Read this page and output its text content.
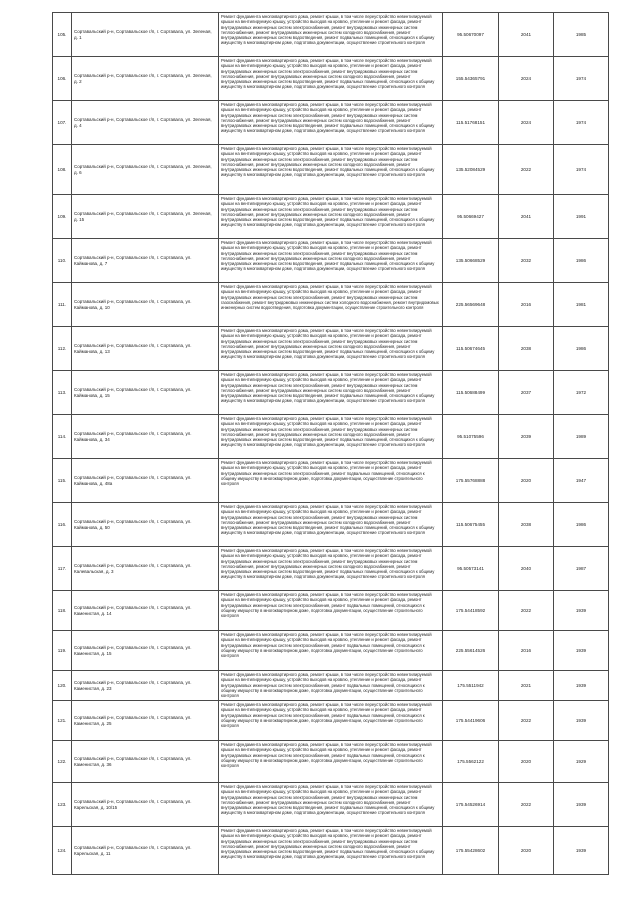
105.	Сортавальский р-н, Сортавальское г/п, г. Сортавала, ул. Зеленая, д. 1	Ремонт фундамента многоквартирного дома, ремонт крыши, в том числе переустройство невентилируемой крыши на вентилируемую крышу, устройство выходов на кровлю, утепление и ремонт фасада, ремонт внутридомовых инженерных систем электроснабжения, ремонт внутридомовых инженерных систем теплоснабжения, ремонт внутридомовых инженерных систем холодного водоснабжения, ремонт внутридомовых инженерных систем водоотведения, ремонт подвальных помещений, относящихся к общему имуществу в многоквартирном доме, подготовка документации, осуществление строительного контроля	95.50670097	2041	1985
106.	Сортавальский р-н, Сортавальское г/п, г. Сортавала, ул. Зеленая, д. 2	Ремонт фундамента многоквартирного дома, ремонт крыши, в том числе переустройство невентилируемой крыши на вентилируемую крышу, устройство выходов на кровлю, утепление и ремонт фасада, ремонт внутридомовых инженерных систем электроснабжения, ремонт внутридомовых инженерных систем теплоснабжения, ремонт внутридомовых инженерных систем холодного водоснабжения, ремонт внутридомовых инженерных систем водоотведения, ремонт подвальных помещений, относящихся к общему имуществу в многоквартирном доме, подготовка документации, осуществление строительного контроля	155.54365791	2024	1974
107.	Сортавальский р-н, Сортавальское г/п, г. Сортавала, ул. Зеленая, д. 4	Ремонт фундамента многоквартирного дома, ремонт крыши, в том числе переустройство невентилируемой крыши на вентилируемую крышу, устройство выходов на кровлю, утепление и ремонт фасада, ремонт внутридомовых инженерных систем электроснабжения, ремонт внутридомовых инженерных систем теплоснабжения, ремонт внутридомовых инженерных систем холодного водоснабжения, ремонт внутридомовых инженерных систем водоотведения, ремонт подвальных помещений, относящихся к общему имуществу в многоквартирном доме, подготовка документации, осуществление строительного контроля	115.51768151	2024	1974
108.	Сортавальский р-н, Сортавальское г/п, г. Сортавала, ул. Зеленая, д. 6	Ремонт фундамента многоквартирного дома, ремонт крыши, в том числе переустройство невентилируемой крыши на вентилируемую крышу, устройство выходов на кровлю, утепление и ремонт фасада, ремонт внутридомовых инженерных систем электроснабжения, ремонт внутридомовых инженерных систем теплоснабжения, ремонт внутридомовых инженерных систем холодного водоснабжения, ремонт внутридомовых инженерных систем водоотведения, ремонт подвальных помещений, относящихся к общему имуществу в многоквартирном доме, подготовка документации, осуществление строительного контроля	135.52084529	2022	1974
109.	Сортавальский р-н, Сортавальское г/п, г. Сортавала, ул. Зеленая, д. 15	Ремонт фундамента многоквартирного дома, ремонт крыши, в том числе переустройство невентилируемой крыши на вентилируемую крышу, устройство выходов на кровлю, утепление и ремонт фасада, ремонт внутридомовых инженерных систем электроснабжения, ремонт внутридомовых инженерных систем теплоснабжения, ремонт внутридомовых инженерных систем холодного водоснабжения, ремонт внутридомовых инженерных систем водоотведения, ремонт подвальных помещений, относящихся к общему имуществу в многоквартирном доме, подготовка документации, осуществление строительного контроля	95.50669427	2041	1991
110.	Сортавальский р-н, Сортавальское г/п, г. Сортавала, ул. Кайманова, д. 7	Ремонт фундамента многоквартирного дома, ремонт крыши, в том числе переустройство невентилируемой крыши на вентилируемую крышу, устройство выходов на кровлю, утепление и ремонт фасада, ремонт внутридомовых инженерных систем электроснабжения, ремонт внутридомовых инженерных систем теплоснабжения, ремонт внутридомовых инженерных систем холодного водоснабжения, ремонт внутридомовых инженерных систем водоотведения, ремонт подвальных помещений, относящихся к общему имуществу в многоквартирном доме, подготовка документации, осуществление строительного контроля	135.50668529	2032	1986
111.	Сортавальский р-н, Сортавальское г/п, г. Сортавала, ул. Кайманова, д. 10	Ремонт фундамента многоквартирного дома, ремонт крыши, в том числе переустройство невентилируемой крыши на вентилируемую крышу, устройство выходов на кровлю, утепление и ремонт фасада, ремонт внутридомовых инженерных систем электроснабжения, ремонт внутридомовых инженерных систем газоснабжения, ремонт внутридомовых инженерных систем холодного водоснабжения, ремонт внутридомовых инженерных систем водоотведения, подготовка документации, осуществление строительного контроля	225.56569648	2016	1981
112.	Сортавальский р-н, Сортавальское г/п, г. Сортавала, ул. Кайманова, д. 13	Ремонт фундамента многоквартирного дома, ремонт крыши, в том числе переустройство невентилируемой крыши на вентилируемую крышу, устройство выходов на кровлю, утепление и ремонт фасада, ремонт внутридомовых инженерных систем электроснабжения, ремонт внутридомовых инженерных систем теплоснабжения, ремонт внутридомовых инженерных систем холодного водоснабжения, ремонт внутридомовых инженерных систем водоотведения, ремонт подвальных помещений, относящихся к общему имуществу в многоквартирном доме, подготовка документации, осуществление строительного контроля	115.50674645	2038	1986
113.	Сортавальский р-н, Сортавальское г/п, г. Сортавала, ул. Кайманова, д. 15	Ремонт фундамента многоквартирного дома, ремонт крыши, в том числе переустройство невентилируемой крыши на вентилируемую крышу, устройство выходов на кровлю, утепление и ремонт фасада, ремонт внутридомовых инженерных систем электроснабжения, ремонт внутридомовых инженерных систем теплоснабжения, ремонт внутридомовых инженерных систем холодного водоснабжения, ремонт внутридомовых инженерных систем водоотведения, ремонт подвальных помещений, относящихся к общему имуществу в многоквартирном доме, подготовка документации, осуществление строительного контроля	115.50688499	2037	1972
114.	Сортавальский р-н, Сортавальское г/п, г. Сортавала, ул. Кайманова, д. 34	Ремонт фундамента многоквартирного дома, ремонт крыши, в том числе переустройство невентилируемой крыши на вентилируемую крышу, устройство выходов на кровлю, утепление и ремонт фасада, ремонт внутридомовых инженерных систем электроснабжения, ремонт внутридомовых инженерных систем теплоснабжения, ремонт внутридомовых инженерных систем холодного водоснабжения, ремонт внутридомовых инженерных систем водоотведения, ремонт подвальных помещений, относящихся к общему имуществу в многоквартирном доме, подготовка документации, осуществление строительного контроля	95.51075596	2039	1989
115.	Сортавальский р-н, Сортавальское г/п, г. Сортавала, ул. Кайманова, д. 48а	Ремонт фундамента многоквартирного дома, ремонт крыши, в том числе переустройство невентилируемой крыши на вентилируемую крышу, устройство выходов на кровлю, утепление и ремонт фасада, ремонт внутридомовых инженерных систем электроснабжения, ремонт подвальных помещений, относящихся к общему имуществу в многоквартирном доме, подготовка документации, осуществление строительного контроля	175.55768888	2020	1947
116.	Сортавальский р-н, Сортавальское г/п, г. Сортавала, ул. Кайманова, д. 50	Ремонт фундамента многоквартирного дома, ремонт крыши, в том числе переустройство невентилируемой крыши на вентилируемую крышу, устройство выходов на кровлю, утепление и ремонт фасада, ремонт внутридомовых инженерных систем электроснабжения, ремонт внутридомовых инженерных систем теплоснабжения, ремонт внутридомовых инженерных систем холодного водоснабжения, ремонт внутридомовых инженерных систем водоотведения, ремонт подвальных помещений, относящихся к общему имуществу в многоквартирном доме, подготовка документации, осуществление строительного контроля	115.50675455	2038	1986
117.	Сортавальский р-н, Сортавальское г/п, г. Сортавала, ул. Калевальская, д. 3	Ремонт фундамента многоквартирного дома, ремонт крыши, в том числе переустройство невентилируемой крыши на вентилируемую крышу, устройство выходов на кровлю, утепление и ремонт фасада, ремонт внутридомовых инженерных систем электроснабжения, ремонт внутридомовых инженерных систем теплоснабжения, ремонт внутридомовых инженерных систем холодного водоснабжения, ремонт внутридомовых инженерных систем водоотведения, ремонт подвальных помещений, относящихся к общему имуществу в многоквартирном доме, подготовка документации, осуществление строительного контроля	95.50573141	2040	1987
118.	Сортавальский р-н, Сортавальское г/п, г. Сортавала, ул. Каменистая, д. 14	Ремонт фундамента многоквартирного дома, ремонт крыши, в том числе переустройство невентилируемой крыши на вентилируемую крышу, устройство выходов на кровлю, утепление и ремонт фасада, ремонт внутридомовых инженерных систем электроснабжения, ремонт подвальных помещений, относящихся к общему имуществу в многоквартирном доме, подготовка документации, осуществление строительного контроля	175.54418592	2022	1939
119.	Сортавальский р-н, Сортавальское г/п, г. Сортавала, ул. Каменистая, д. 15	Ремонт фундамента многоквартирного дома, ремонт крыши, в том числе переустройство невентилируемой крыши на вентилируемую крышу, устройство выходов на кровлю, утепление и ремонт фасада, ремонт внутридомовых инженерных систем электроснабжения, ремонт подвальных помещений, относящихся к общему имуществу в многоквартирном доме, подготовка документации, осуществление строительного контроля	225.55614526	2016	1939
120.	Сортавальский р-н, Сортавальское г/п, г. Сортавала, ул. Каменистая, д. 23	Ремонт фундамента многоквартирного дома, ремонт крыши, в том числе переустройство невентилируемой крыши на вентилируемую крышу, устройство выходов на кровлю, утепление и ремонт фасада, ремонт внутридомовых инженерных систем электроснабжения, ремонт подвальных помещений, относящихся к общему имуществу в многоквартирном доме, подготовка документации, осуществление строительного контроля	175.5511942	2021	1939
121.	Сортавальский р-н, Сортавальское г/п, г. Сортавала, ул. Каменистая, д. 25	Ремонт фундамента многоквартирного дома, ремонт крыши, в том числе переустройство невентилируемой крыши на вентилируемую крышу, устройство выходов на кровлю, утепление и ремонт фасада, ремонт внутридомовых инженерных систем электроснабжения, ремонт подвальных помещений, относящихся к общему имуществу в многоквартирном доме, подготовка документации, осуществление строительного контроля	175.54419606	2022	1939
122.	Сортавальский р-н, Сортавальское г/п, г. Сортавала, ул. Каменистая, д. 36	Ремонт фундамента многоквартирного дома, ремонт крыши, в том числе переустройство невентилируемой крыши на вентилируемую крышу, устройство выходов на кровлю, утепление и ремонт фасада, ремонт внутридомовых инженерных систем электроснабжения, ремонт подвальных помещений, относящихся к общему имуществу в многоквартирном доме, подготовка документации, осуществление строительного контроля	175.5562122	2020	1929
123.	Сортавальский р-н, Сортавальское г/п, г. Сортавала, ул. Карельская, д. 10/15	Ремонт фундамента многоквартирного дома, ремонт крыши, в том числе переустройство невентилируемой крыши на вентилируемую крышу, устройство выходов на кровлю, утепление и ремонт фасада, ремонт внутридомовых инженерных систем электроснабжения, ремонт внутридомовых инженерных систем теплоснабжения, ремонт внутридомовых инженерных систем холодного водоснабжения, ремонт внутридомовых инженерных систем водоотведения, ремонт подвальных помещений, относящихся к общему имуществу в многоквартирном доме, подготовка документации, осуществление строительного контроля	175.54526914	2022	1939
124.	Сортавальский р-н, Сортавальское г/п, г. Сортавала, ул. Карельская, д. 11	Ремонт фундамента многоквартирного дома, ремонт крыши, в том числе переустройство невентилируемой крыши на вентилируемую крышу, устройство выходов на кровлю, утепление и ремонт фасада, ремонт внутридомовых инженерных систем электроснабжения, ремонт внутридомовых инженерных систем теплоснабжения, ремонт внутридомовых инженерных систем холодного водоснабжения, ремонт внутридомовых инженерных систем водоотведения, ремонт подвальных помещений, относящихся к общему имуществу в многоквартирном доме, подготовка документации, осуществление строительного контроля	175.55428602	2020	1939
